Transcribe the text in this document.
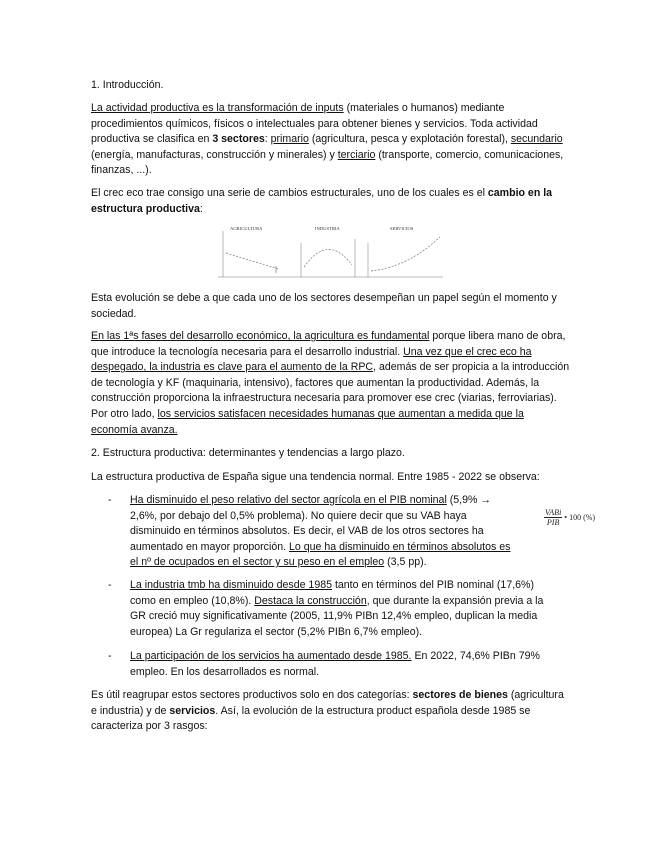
1. Introducción.

La actividad productiva es la transformación de inputs (materiales o humanos) mediante procedimientos químicos, físicos o intelectuales para obtener bienes y servicios. Toda actividad productiva se clasifica en 3 sectores: primario (agricultura, pesca y explotación forestal), secundario (energía, manufacturas, construcción y minerales) y terciario (transporte, comercio, comunicaciones, finanzas, ...).

El crec eco trae consigo una serie de cambios estructurales, uno de los cuales es el cambio en la estructura productiva:

Esta evolución se debe a que cada uno de los sectores desempeñan un papel según el momento y sociedad.

En las 1ªs fases del desarrollo económico, la agricultura es fundamental porque libera mano de obra, que introduce la tecnología necesaria para el desarrollo industrial. Una vez que el crec eco ha despegado, la industria es clave para el aumento de la RPC, además de ser propicia a la introducción de tecnología y KF (maquinaria, intensivo), factores que aumentan la productividad. Además, la construcción proporciona la infraestructura necesaria para promover ese crec (viarias, ferroviarias). Por otro lado, los servicios satisfacen necesidades humanas que aumentan a medida que la economía avanza.

2. Estructura productiva: determinantes y tendencias a largo plazo.

La estructura productiva de España sigue una tendencia normal. Entre 1985 - 2022 se observa:

-	Ha disminuido el peso relativo del sector agrícola en el PIB nominal (5,9% → 2,6%, por debajo del 0,5% problema). No quiere decir que su VAB haya disminuido en términos absolutos. Es decir, el VAB de los otros sectores ha aumentado en mayor proporción. Lo que ha disminuido en términos absolutos es el nº de ocupados en el sector y su peso en el empleo (3,5 pp).

-	La industria tmb ha disminuido desde 1985 tanto en términos del PIB nominal (17,6%) como en empleo (10,8%). Destaca la construcción, que durante la expansión previa a la GR creció muy significativamente (2005, 11,9% PIBn 12,4% empleo, duplican la media europea) La Gr regulariza el sector (5,2% PIBn 6,7% empleo).

-	La participación de los servicios ha aumentado desde 1985. En 2022, 74,6% PIBn 79% empleo. En los desarrollados es normal.

Es útil reagrupar estos sectores productivos solo en dos categorías: sectores de bienes (agricultura e industria) y de servicios. Así, la evolución de la estructura product española desde 1985 se caracteriza por 3 rasgos:

$\frac{\text{VABi}}{\text{PIB}}$ • 100 (%)
AGRICULTURA	INDUSTRIA	SERVICIOS
